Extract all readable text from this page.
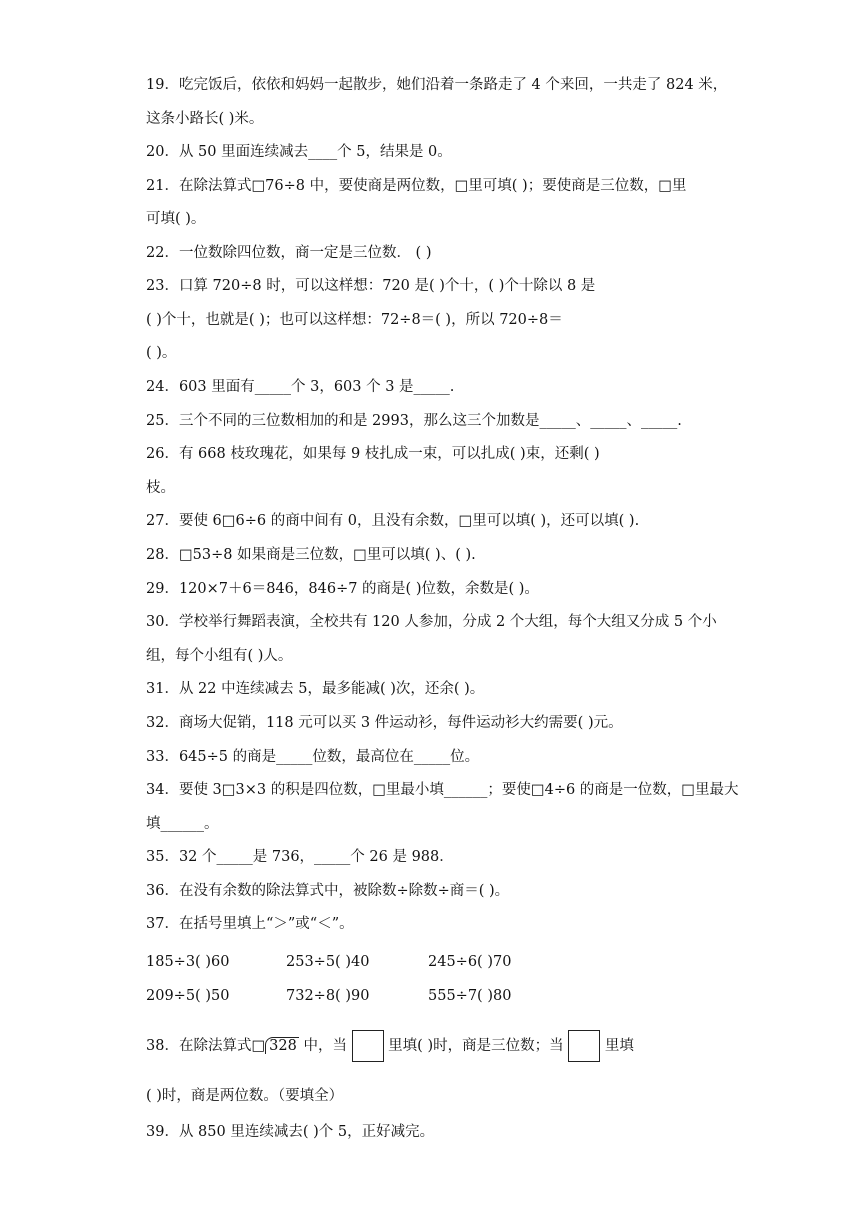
19．吃完饭后，依依和妈妈一起散步，她们沿着一条路走了 4 个来回，一共走了 824 米，
这条小路长( )米。
20．从 50 里面连续减去____个 5，结果是 0。
21．在除法算式□76÷8 中，要使商是两位数，□里可填( )；要使商是三位数，□里
可填( )。
22．一位数除四位数，商一定是三位数． ( )
23．口算 720÷8 时，可以这样想：720 是( )个十，( )个十除以 8 是
( )个十，也就是( )；也可以这样想：72÷8＝( )，所以 720÷8＝
( )。
24．603 里面有_____个 3，603 个 3 是_____.
25．三个不同的三位数相加的和是 2993，那么这三个加数是_____、_____、_____.
26．有 668 枝玫瑰花，如果每 9 枝扎成一束，可以扎成( )束，还剩( )
枝。
27．要使 6□6÷6 的商中间有 0，且没有余数，□里可以填( )，还可以填( ).
28．□53÷8 如果商是三位数，□里可以填( )、( ).
29．120×7＋6＝846，846÷7 的商是( )位数，余数是( )。
30．学校举行舞蹈表演，全校共有 120 人参加，分成 2 个大组，每个大组又分成 5 个小
组，每个小组有( )人。
31．从 22 中连续减去 5，最多能减( )次，还余( )。
32．商场大促销，118 元可以买 3 件运动衫，每件运动衫大约需要( )元。
33．645÷5 的商是_____位数，最高位在_____位。
34．要使 3□3×3 的积是四位数，□里最小填______；要使□4÷6 的商是一位数，□里最大
填______。
35．32 个_____是 736，_____个 26 是 988．
36．在没有余数的除法算式中，被除数÷除数÷商＝( )。
37．在括号里填上“＞”或“＜”。
185÷3( )60	253÷5( )40	245÷6( )70
209÷5( )50	732÷8( )90	555÷7( )80
38．在除法算式□ 328 中，当	里填( )时，商是三位数；当	里填
( )时，商是两位数。（要填全）
39．从 850 里连续减去( )个 5，正好减完。
